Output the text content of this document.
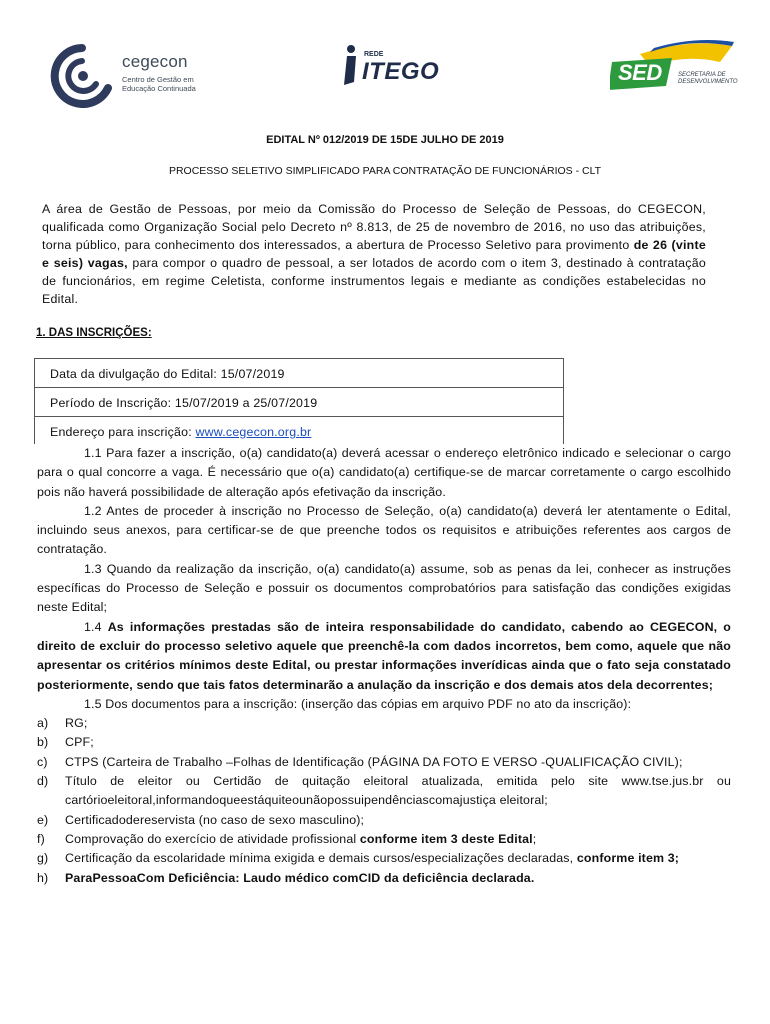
cegecon
Centro de Gestão em Educação Continuada
REDE
ITEGO	SED	SECRETARIA DE DESENVOLVIMENTO
EDITAL Nº 012/2019 DE 15DE JULHO DE 2019
PROCESSO SELETIVO SIMPLIFICADO PARA CONTRATAÇÃO DE FUNCIONÁRIOS - CLT
A área de Gestão de Pessoas, por meio da Comissão do Processo de Seleção de Pessoas, do CEGECON, qualificada como Organização Social pelo Decreto nº 8.813, de 25 de novembro de 2016, no uso das atribuições, torna público, para conhecimento dos interessados, a abertura de Processo Seletivo para provimento de 26 (vinte e seis) vagas, para compor o quadro de pessoal, a ser lotados de acordo com o item 3, destinado à contratação de funcionários, em regime Celetista, conforme instrumentos legais e mediante as condições estabelecidas no Edital.
1. DAS INSCRIÇÕES:
Data da divulgação do Edital: 15/07/2019
Período de Inscrição: 15/07/2019 a 25/07/2019
Endereço para inscrição: www.cegecon.org.br

1.1 Para fazer a inscrição, o(a) candidato(a) deverá acessar o endereço eletrônico indicado e selecionar o cargo para o qual concorre a vaga. É necessário que o(a) candidato(a) certifique-se de marcar corretamente o cargo escolhido pois não haverá possibilidade de alteração após efetivação da inscrição.

1.2 Antes de proceder à inscrição no Processo de Seleção, o(a) candidato(a) deverá ler atentamente o Edital, incluindo seus anexos, para certificar-se de que preenche todos os requisitos e atribuições referentes aos cargos de contratação.

1.3 Quando da realização da inscrição, o(a) candidato(a) assume, sob as penas da lei, conhecer as instruções específicas do Processo de Seleção e possuir os documentos comprobatórios para satisfação das condições exigidas neste Edital;

1.4 As informações prestadas são de inteira responsabilidade do candidato, cabendo ao CEGECON, o direito de excluir do processo seletivo aquele que preenchê-la com dados incorretos, bem como, aquele que não apresentar os critérios mínimos deste Edital, ou prestar informações inverídicas ainda que o fato seja constatado posteriormente, sendo que tais fatos determinarão a anulação da inscrição e dos demais atos dela decorrentes;

1.5 Dos documentos para a inscrição: (inserção das cópias em arquivo PDF no ato da inscrição):

a)	RG;
b)	CPF;
c)	CTPS (Carteira de Trabalho –Folhas de Identificação (PÁGINA DA FOTO E VERSO -QUALIFICAÇÃO CIVIL);
d)	Título de eleitor ou Certidão de quitação eleitoral atualizada, emitida pelo site www.tse.jus.br ou cartórioeleitoral,informandoqueestáquiteounãopossuipendênciascomajustiça eleitoral;
e)	Certificadodereservista (no caso de sexo masculino);
f)	Comprovação do exercício de atividade profissional conforme item 3 deste Edital;
g)	Certificação da escolaridade mínima exigida e demais cursos/especializações declaradas, conforme item 3;
h)	ParaPessoaCom Deficiência: Laudo médico comCID da deficiência declarada.
